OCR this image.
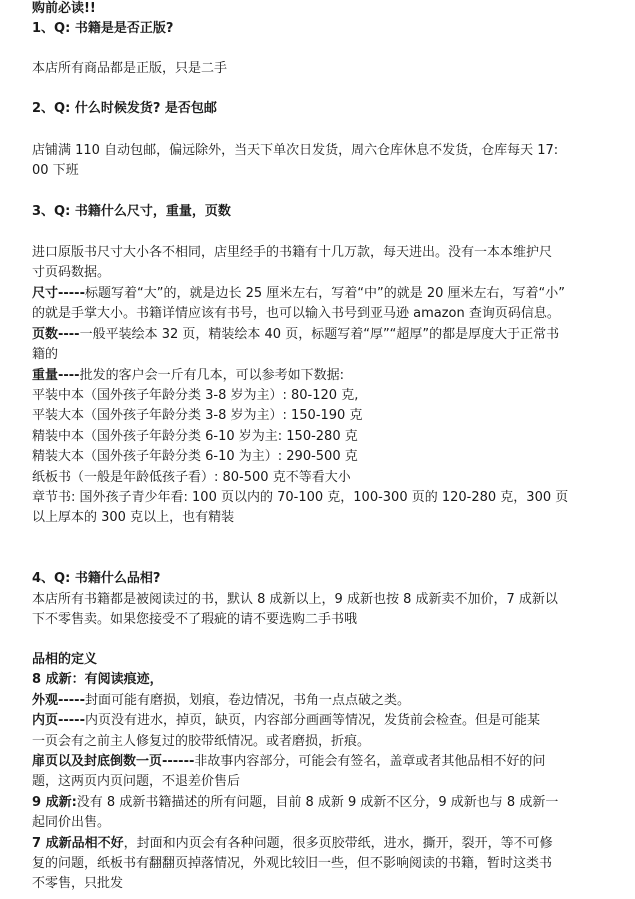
购前必读!!
1、Q: 书籍是是否正版?
本店所有商品都是正版，只是二手
2、Q: 什么时候发货? 是否包邮
店铺满 110 自动包邮，偏远除外，当天下单次日发货，周六仓库休息不发货，仓库每天 17:
00 下班
3、Q: 书籍什么尺寸，重量，页数
进口原版书尺寸大小各不相同，店里经手的书籍有十几万款，每天进出。没有一本本维护尺
寸页码数据。
尺寸-----标题写着“大”的，就是边长 25 厘米左右，写着“中”的就是 20 厘米左右，写着“小”
的就是手掌大小。书籍详情应该有书号，也可以输入书号到亚马逊 amazon 查询页码信息。
页数----一般平装绘本 32 页，精装绘本 40 页，标题写着“厚”“超厚”的都是厚度大于正常书
籍的
重量----批发的客户会一斤有几本，可以参考如下数据:
平装中本（国外孩子年龄分类 3-8 岁为主）: 80-120 克,
平装大本（国外孩子年龄分类 3-8 岁为主）: 150-190 克
精装中本（国外孩子年龄分类 6-10 岁为主: 150-280 克
精装大本（国外孩子年龄分类 6-10 为主）: 290-500 克
纸板书（一般是年龄低孩子看）: 80-500 克不等看大小
章节书: 国外孩子青少年看: 100 页以内的 70-100 克，100-300 页的 120-280 克，300 页
以上厚本的 300 克以上，也有精装
4、Q: 书籍什么品相?
本店所有书籍都是被阅读过的书，默认 8 成新以上，9 成新也按 8 成新卖不加价，7 成新以
下不零售卖。如果您接受不了瑕疵的请不要选购二手书哦
品相的定义
8 成新：有阅读痕迹，
外观-----封面可能有磨损，划痕，卷边情况，书角一点点破之类。
内页-----内页没有进水，掉页，缺页，内容部分画画等情况，发货前会检查。但是可能某
一页会有之前主人修复过的胶带纸情况。或者磨损，折痕。
扉页以及封底倒数一页------非故事内容部分，可能会有签名，盖章或者其他品相不好的问
题，这两页内页问题，不退差价售后
9 成新:没有 8 成新书籍描述的所有问题，目前 8 成新 9 成新不区分，9 成新也与 8 成新一
起同价出售。
7 成新品相不好，封面和内页会有各种问题，很多页胶带纸，进水，撕开，裂开，等不可修
复的问题，纸板书有翻翻页掉落情况，外观比较旧一些，但不影响阅读的书籍，暂时这类书
不零售，只批发
